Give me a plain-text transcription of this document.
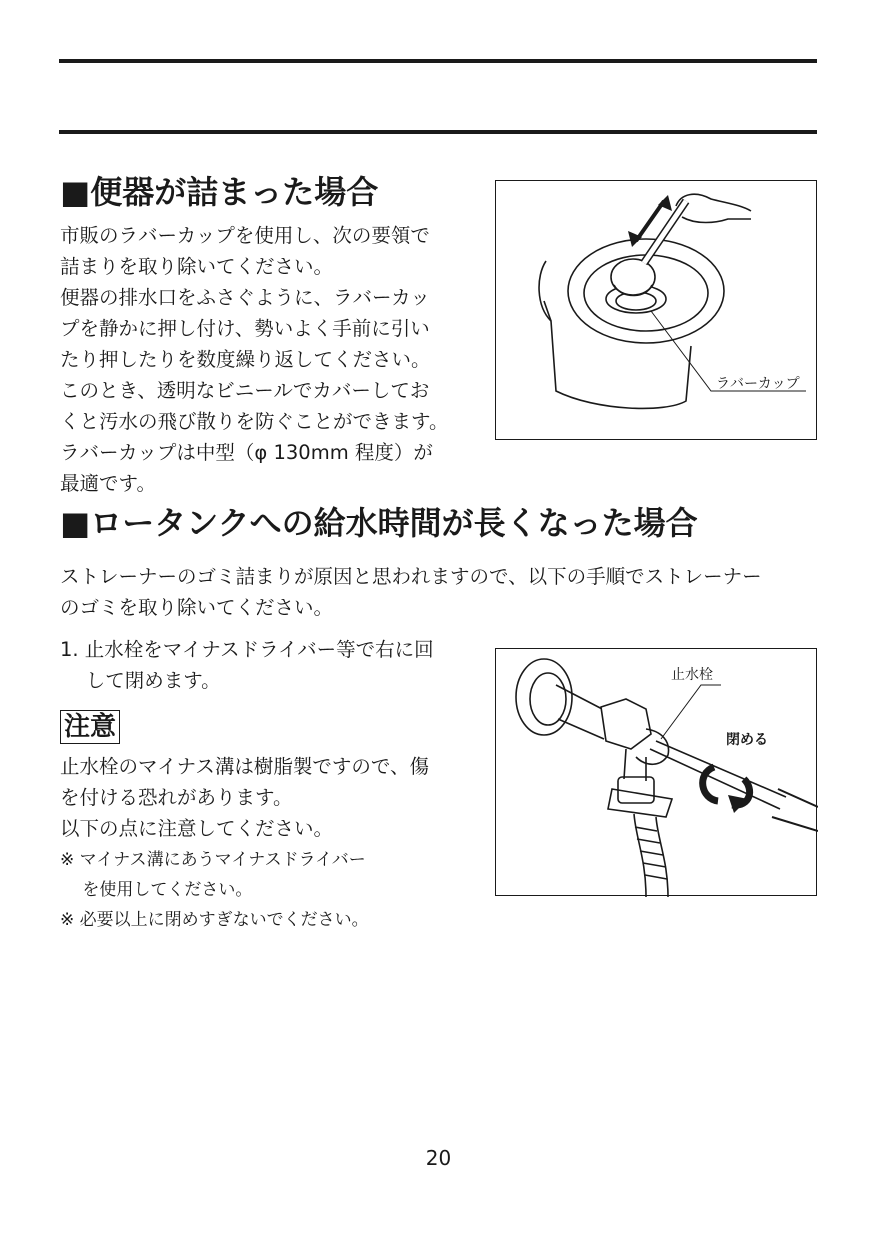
■便器が詰まった場合
市販のラバーカップを使用し、次の要領で
詰まりを取り除いてください。
便器の排水口をふさぐように、ラバーカッ
プを静かに押し付け、勢いよく手前に引い
たり押したりを数度繰り返してください。
このとき、透明なビニールでカバーしてお
くと汚水の飛び散りを防ぐことができます。
ラバーカップは中型（φ 130mm 程度）が
最適です。
ラバーカップ
■ロータンクへの給水時間が長くなった場合
ストレーナーのゴミ詰まりが原因と思われますので、以下の手順でストレーナー
のゴミを取り除いてください。
1. 止水栓をマイナスドライバー等で右に回
　 して閉めます。
注意
止水栓のマイナス溝は樹脂製ですので、傷
を付ける恐れがあります。
以下の点に注意してください。
※ マイナス溝にあうマイナスドライバー
　 を使用してください。
※ 必要以上に閉めすぎないでください。
止水栓
閉める
20
